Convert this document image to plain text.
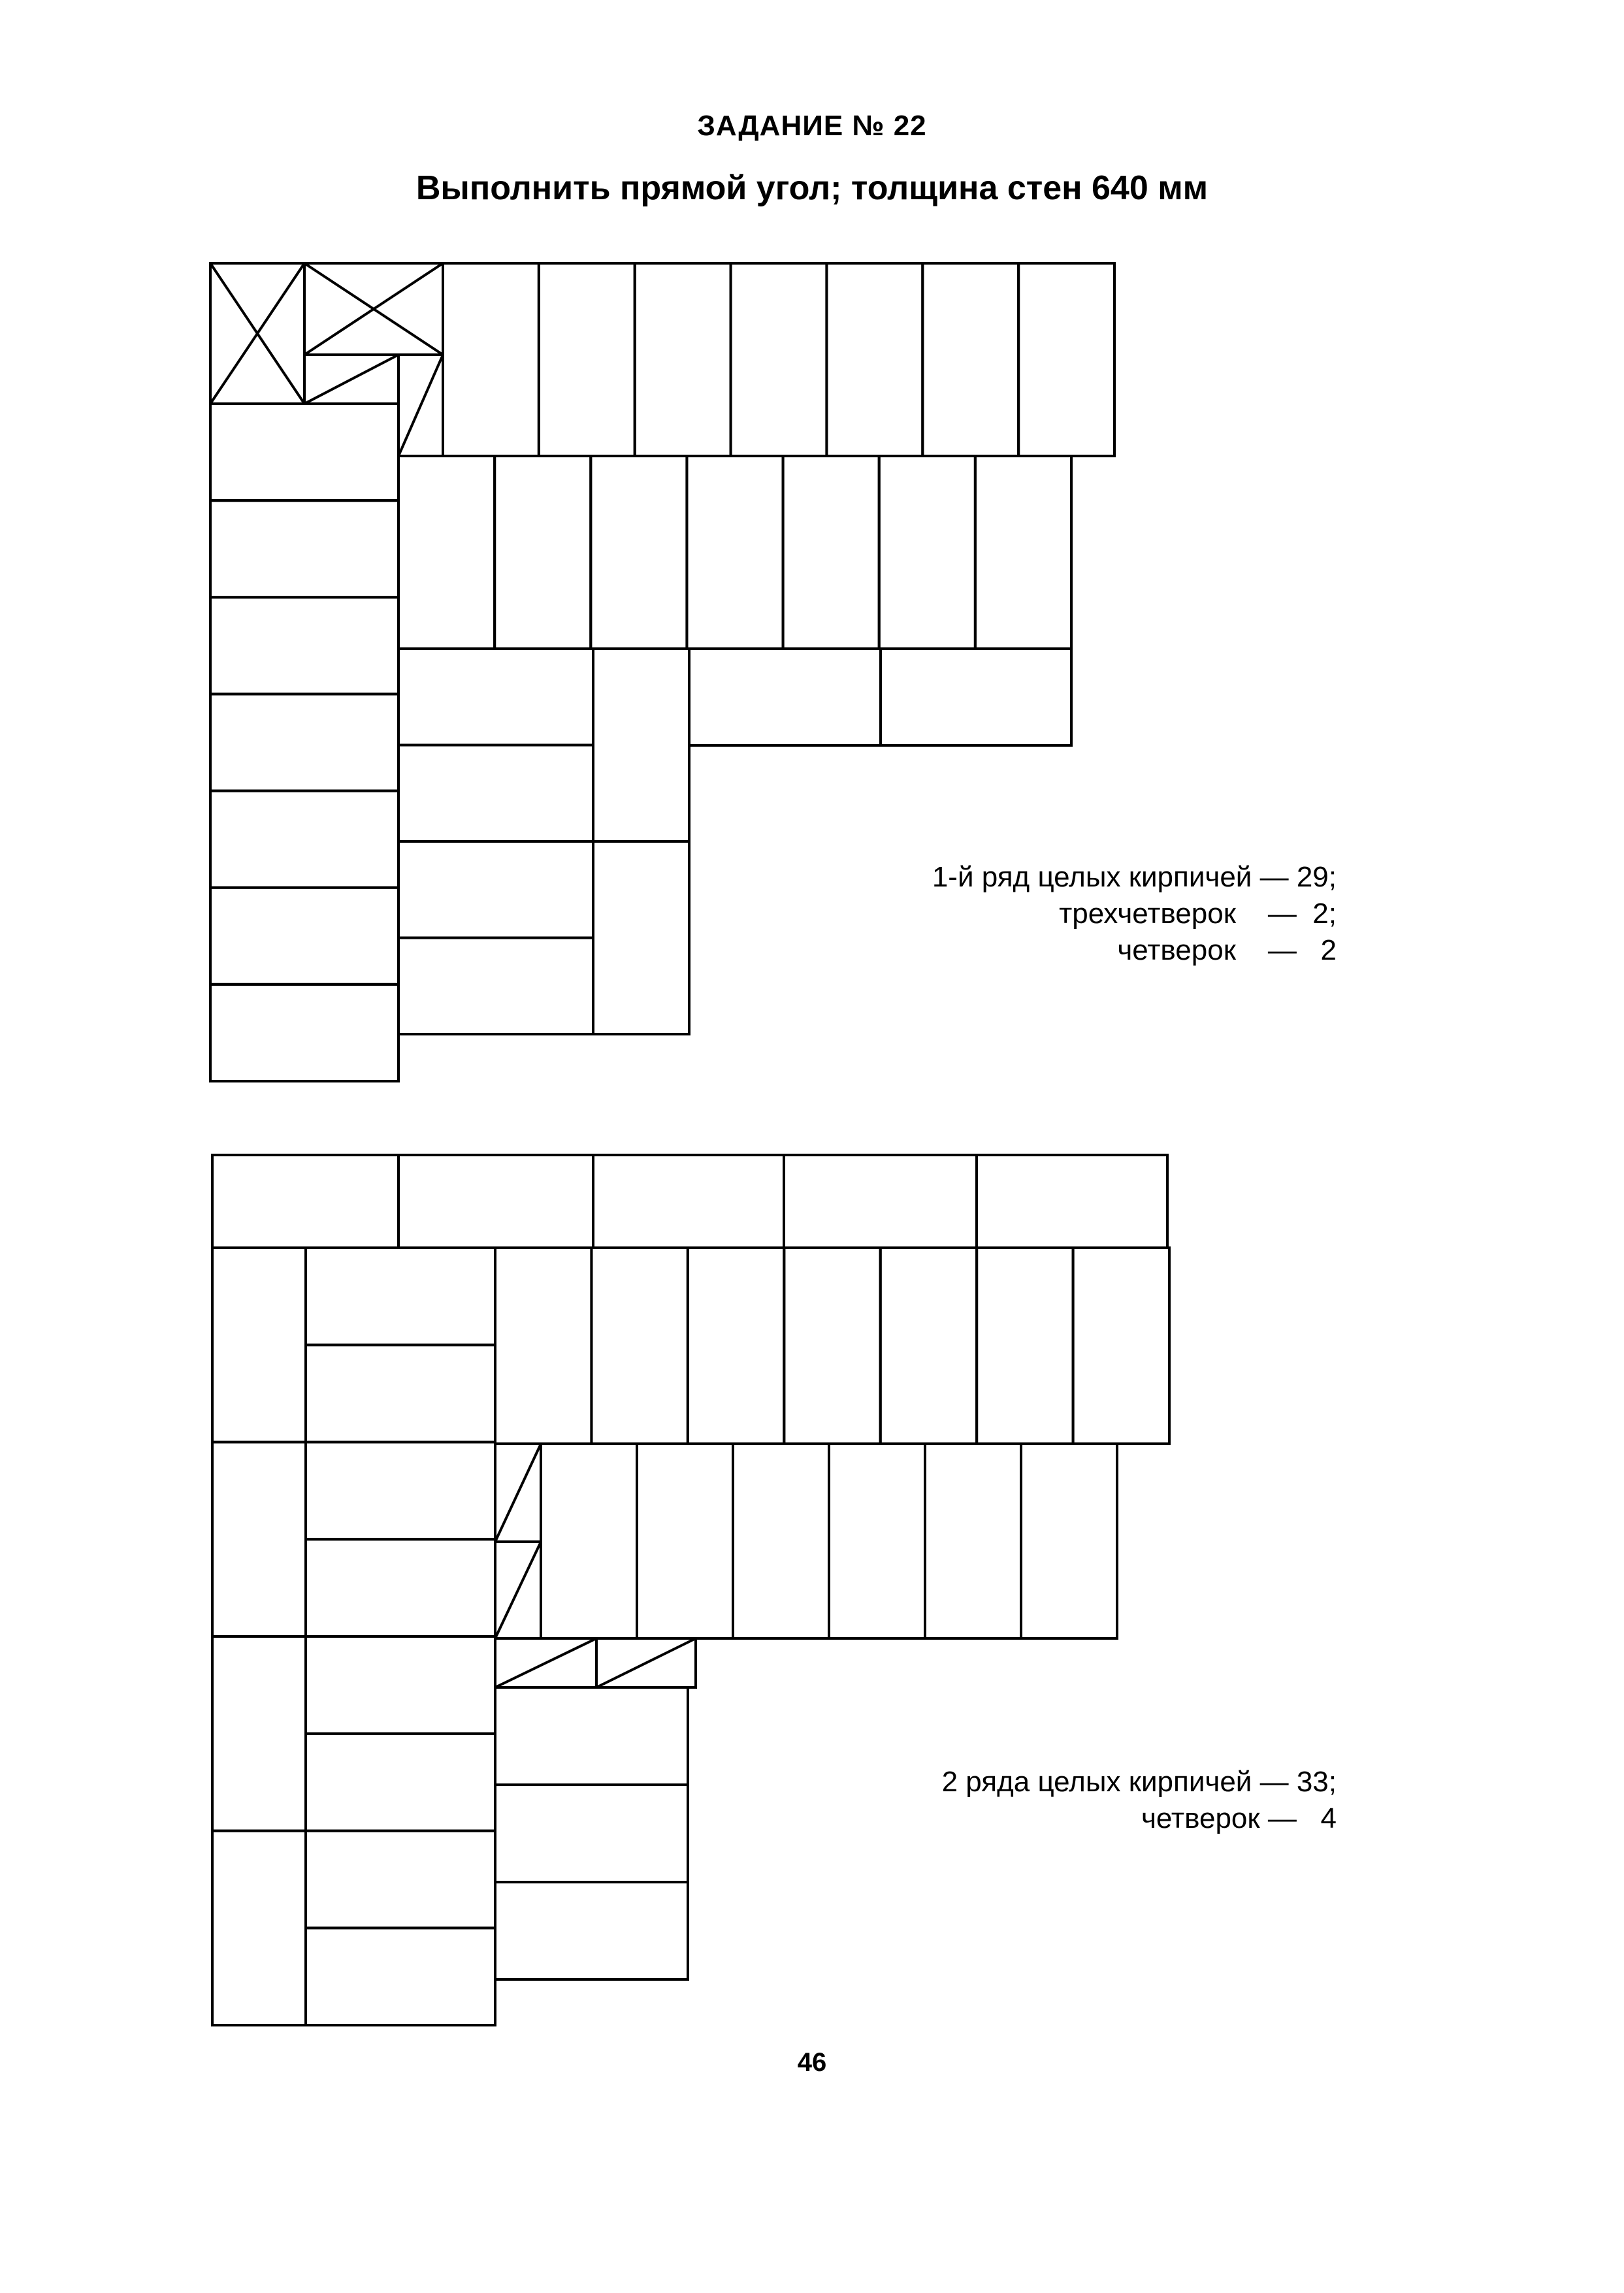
ЗАДАНИЕ № 22
Выполнить прямой угол; толщина стен 640 мм
1-й ряд целых кирпичей — 29;
трехчетверок    —  2;
четверок    —   2
2 ряда целых кирпичей — 33;
четверок —   4
46
